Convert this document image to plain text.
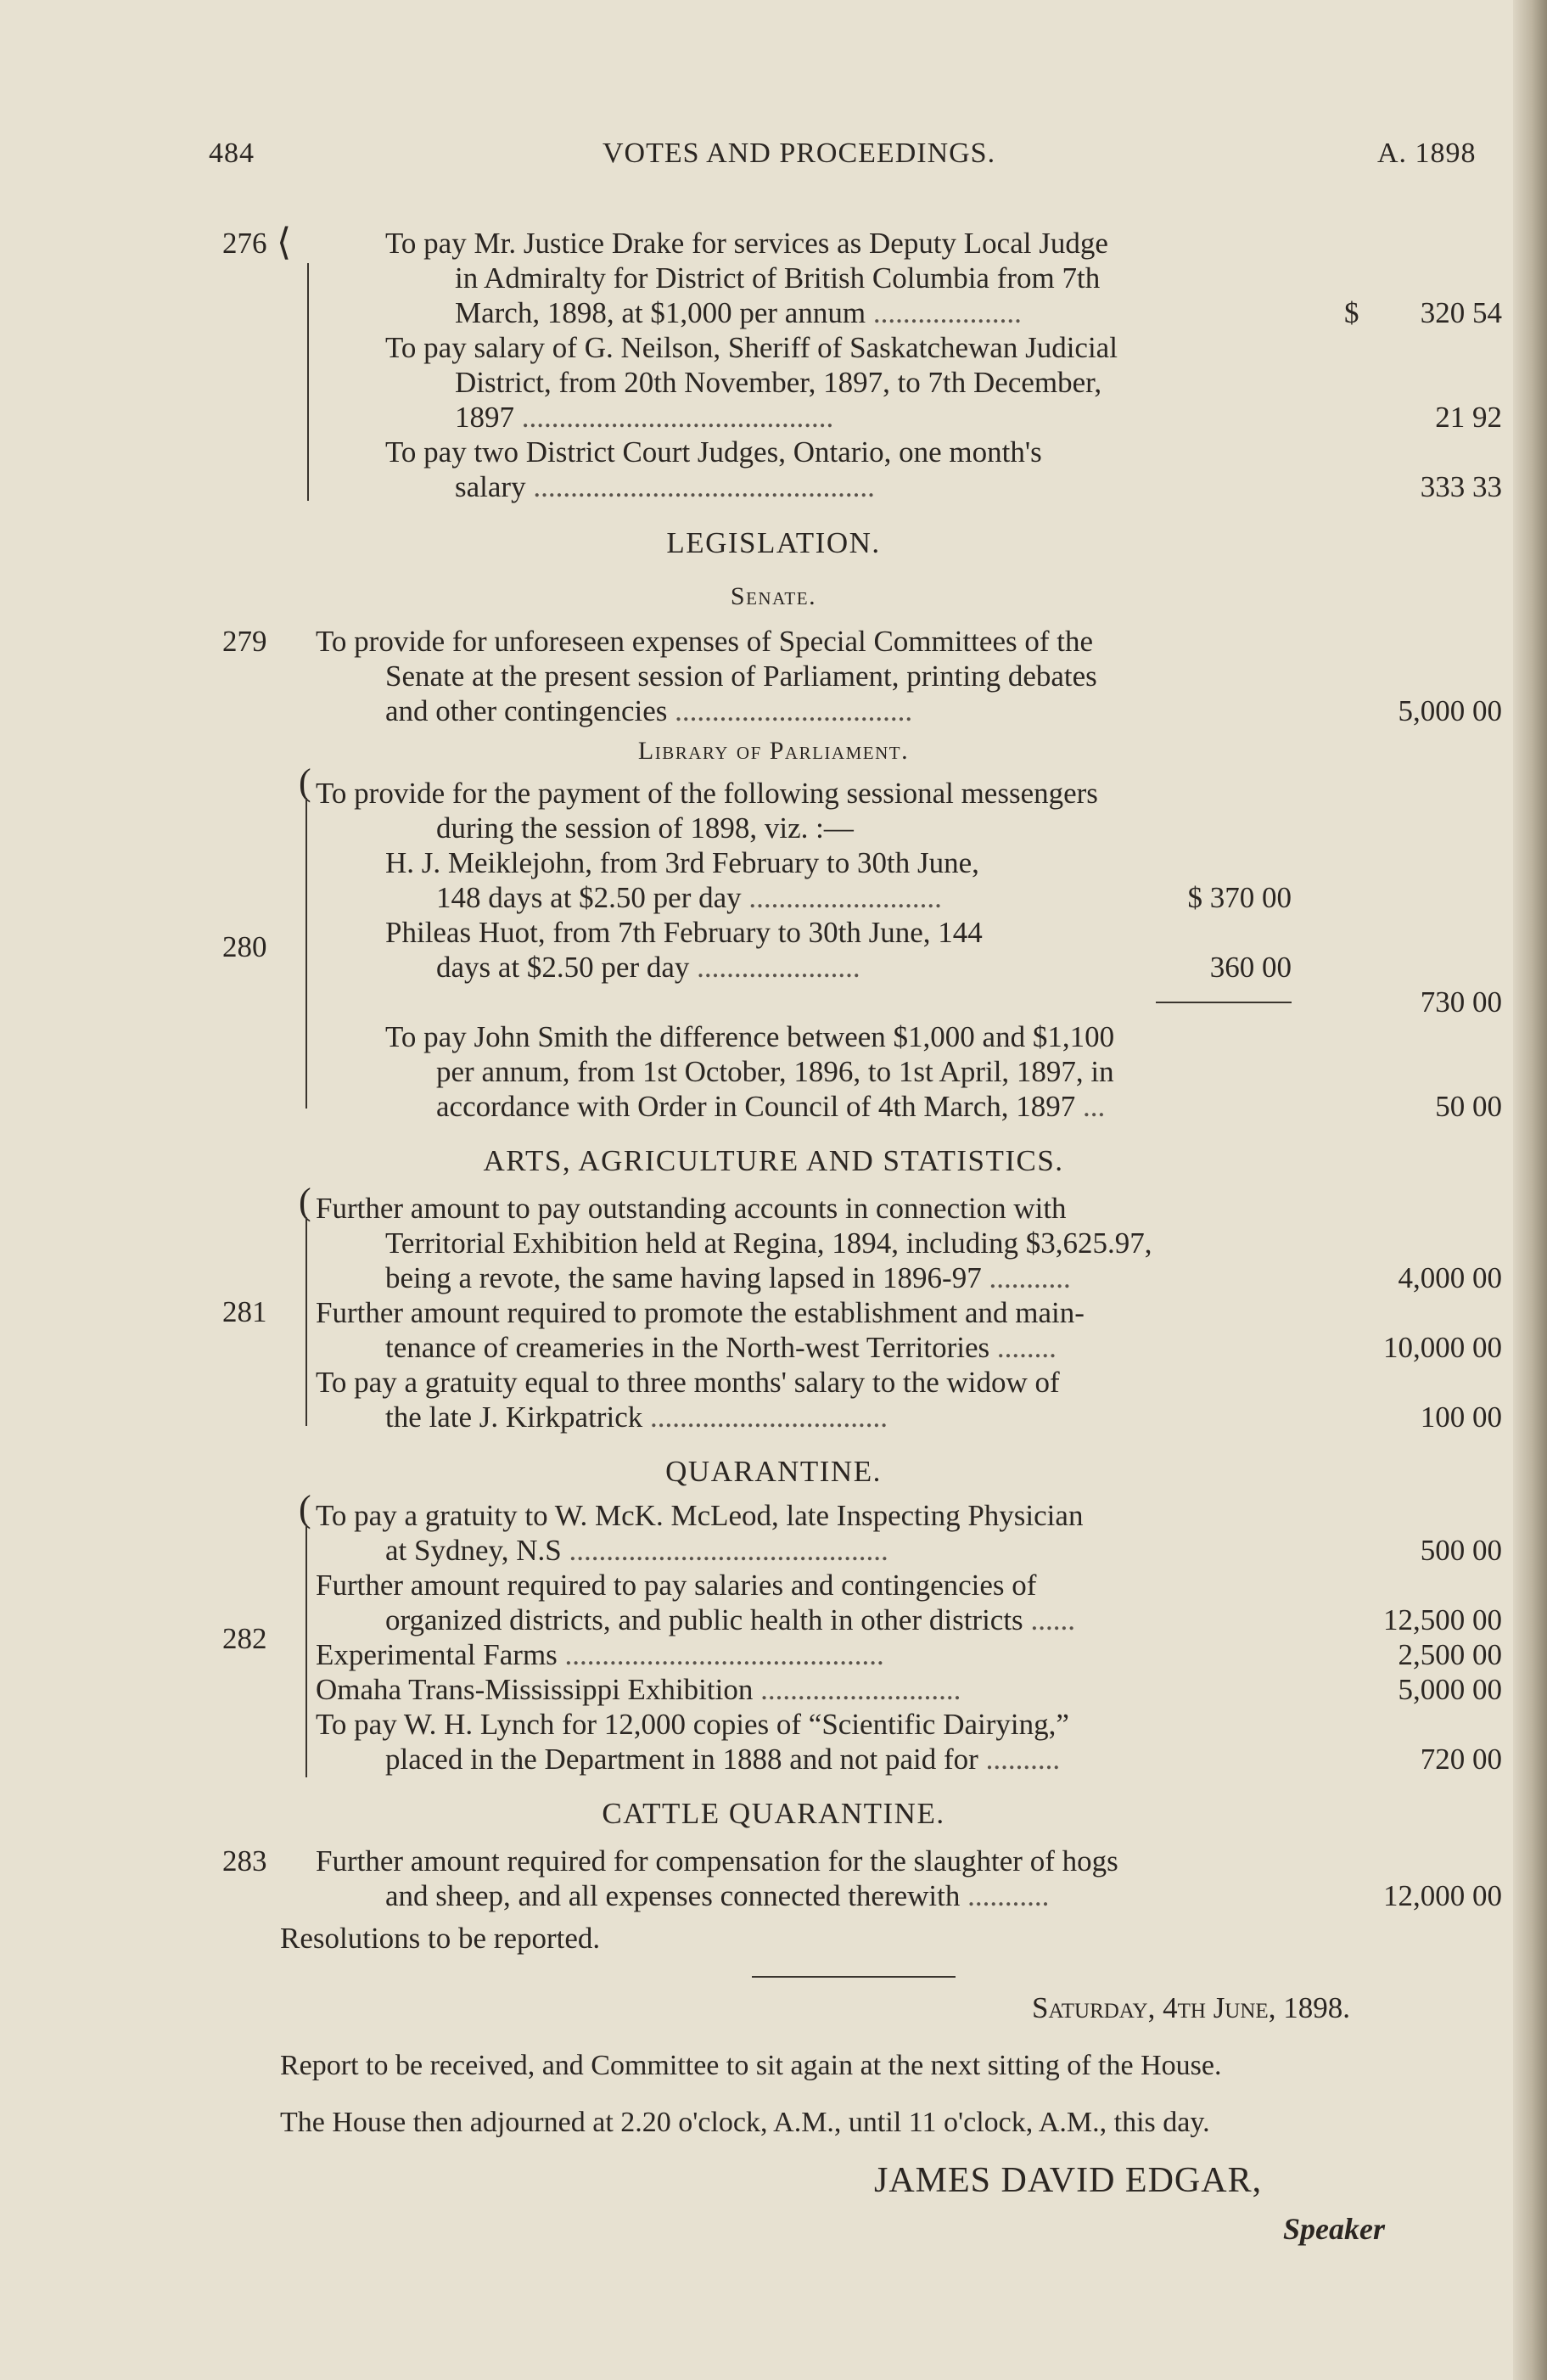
484	VOTES AND PROCEEDINGS.	A. 1898
276 ⟨	To pay Mr. Justice Drake for services as Deputy Local Judge
in Admiralty for District of British Columbia from 7th
March, 1898, at $1,000 per annum ....................	$	320 54
To pay salary of G. Neilson, Sheriff of Saskatchewan Judicial
District, from 20th November, 1897, to 7th December,
1897 ..........................................	21 92
To pay two District Court Judges, Ontario, one month's
salary ..............................................	333 33
LEGISLATION.
Senate.
279 To provide for unforeseen expenses of Special Committees of the
Senate at the present session of Parliament, printing debates
and other contingencies ................................	5,000 00
Library of Parliament.
(
280
To provide for the payment of the following sessional messengers
during the session of 1898, viz. :—
H. J. Meiklejohn, from 3rd February to 30th June,
148 days at $2.50 per day ..........................	$ 370 00
Phileas Huot, from 7th February to 30th June, 144
days at $2.50 per day ......................	360 00
730 00
To pay John Smith the difference between $1,000 and $1,100
per annum, from 1st October, 1896, to 1st April, 1897, in
accordance with Order in Council of 4th March, 1897 ...	50 00
ARTS, AGRICULTURE AND STATISTICS.
(
281
Further amount to pay outstanding accounts in connection with
Territorial Exhibition held at Regina, 1894, including $3,625.97,
being a revote, the same having lapsed in 1896-97 ...........	4,000 00
Further amount required to promote the establishment and main-
tenance of creameries in the North-west Territories ........	10,000 00
To pay a gratuity equal to three months' salary to the widow of
the late J. Kirkpatrick ................................	100 00
QUARANTINE.
(
282
To pay a gratuity to W. McK. McLeod, late Inspecting Physician
at Sydney, N.S ...........................................	500 00
Further amount required to pay salaries and contingencies of
organized districts, and public health in other districts ......	12,500 00
Experimental Farms ...........................................	2,500 00
Omaha Trans-Mississippi Exhibition ...........................	5,000 00
To pay W. H. Lynch for 12,000 copies of “Scientific Dairying,”
placed in the Department in 1888 and not paid for ..........	720 00
CATTLE QUARANTINE.
283 Further amount required for compensation for the slaughter of hogs
and sheep, and all expenses connected therewith ...........	12,000 00
Resolutions to be reported.
Saturday, 4th June, 1898.
Report to be received, and Committee to sit again at the next sitting of the House.
The House then adjourned at 2.20 o'clock, A.M., until 11 o'clock, A.M., this day.
JAMES DAVID EDGAR,
Speaker
